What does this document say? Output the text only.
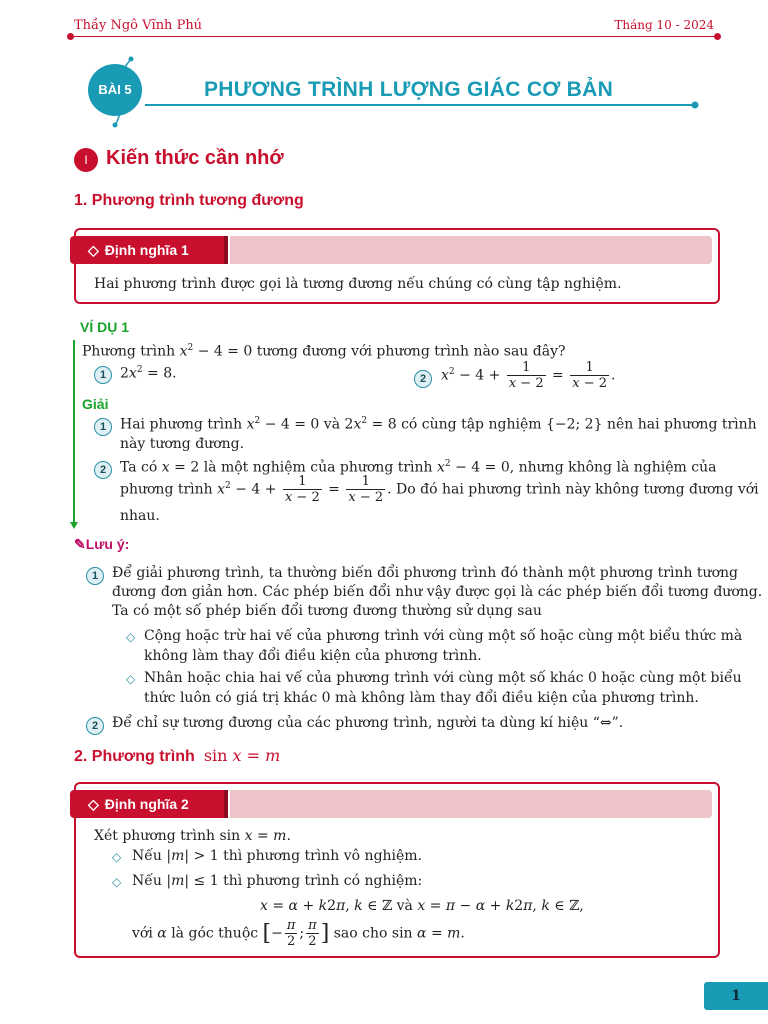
Thầy Ngô Vĩnh Phú	Tháng 10 - 2024
BÀI 5	PHƯƠNG TRÌNH LƯỢNG GIÁC CƠ BẢN
I Kiến thức cần nhớ
1. Phương trình tương đương
◇ Định nghĩa 1
Hai phương trình được gọi là tương đương nếu chúng có cùng tập nghiệm.
VÍ DỤ 1
Phương trình $x^2 - 4 = 0$ tương đương với phương trình nào sau đây?
1 $2x^2 = 8$.	2	$x^2 - 4 + \frac{1}{x - 2} = \frac{1}{x - 2}$ .
Giải
1 Hai phương trình $x^2 - 4 = 0$ và $2x^2 = 8$ có cùng tập nghiệm {−2; 2} nên hai phương trình
này tương đương.
2 Ta có x = 2 là một nghiệm của phương trình $x^2 - 4 = 0$, nhưng không là nghiệm của
phương trình $x^2 - 4 + \frac{1}{x - 2} = \frac{1}{x - 2}$ . Do đó hai phương trình này không tương đương với
nhau.
✎Lưu ý:
1 Để giải phương trình, ta thường biến đổi phương trình đó thành một phương trình tương
đương đơn giản hơn. Các phép biến đổi như vậy được gọi là các phép biến đổi tương đương.
Ta có một số phép biến đổi tương đương thường sử dụng sau
◇ Cộng hoặc trừ hai vế của phương trình với cùng một số hoặc cùng một biểu thức mà
không làm thay đổi điều kiện của phương trình.
◇ Nhân hoặc chia hai vế của phương trình với cùng một số khác 0 hoặc cùng một biểu
thức luôn có giá trị khác 0 mà không làm thay đổi điều kiện của phương trình.
2 Để chỉ sự tương đương của các phương trình, người ta dùng kí hiệu “⇔”.
2. Phương trình sin x = m
◇ Định nghĩa 2
Xét phương trình sin x = m.
◇ Nếu |m| > 1 thì phương trình vô nghiệm.
◇ Nếu |m| ≤ 1 thì phương trình có nghiệm:
x = α + k2π, k ∈ ℤ và x = π − α + k2π, k ∈ ℤ,
với α là góc thuộc [− $\frac{\pi}{2}$ ; $\frac{\pi}{2}$ ] sao cho sin α = m.
1
